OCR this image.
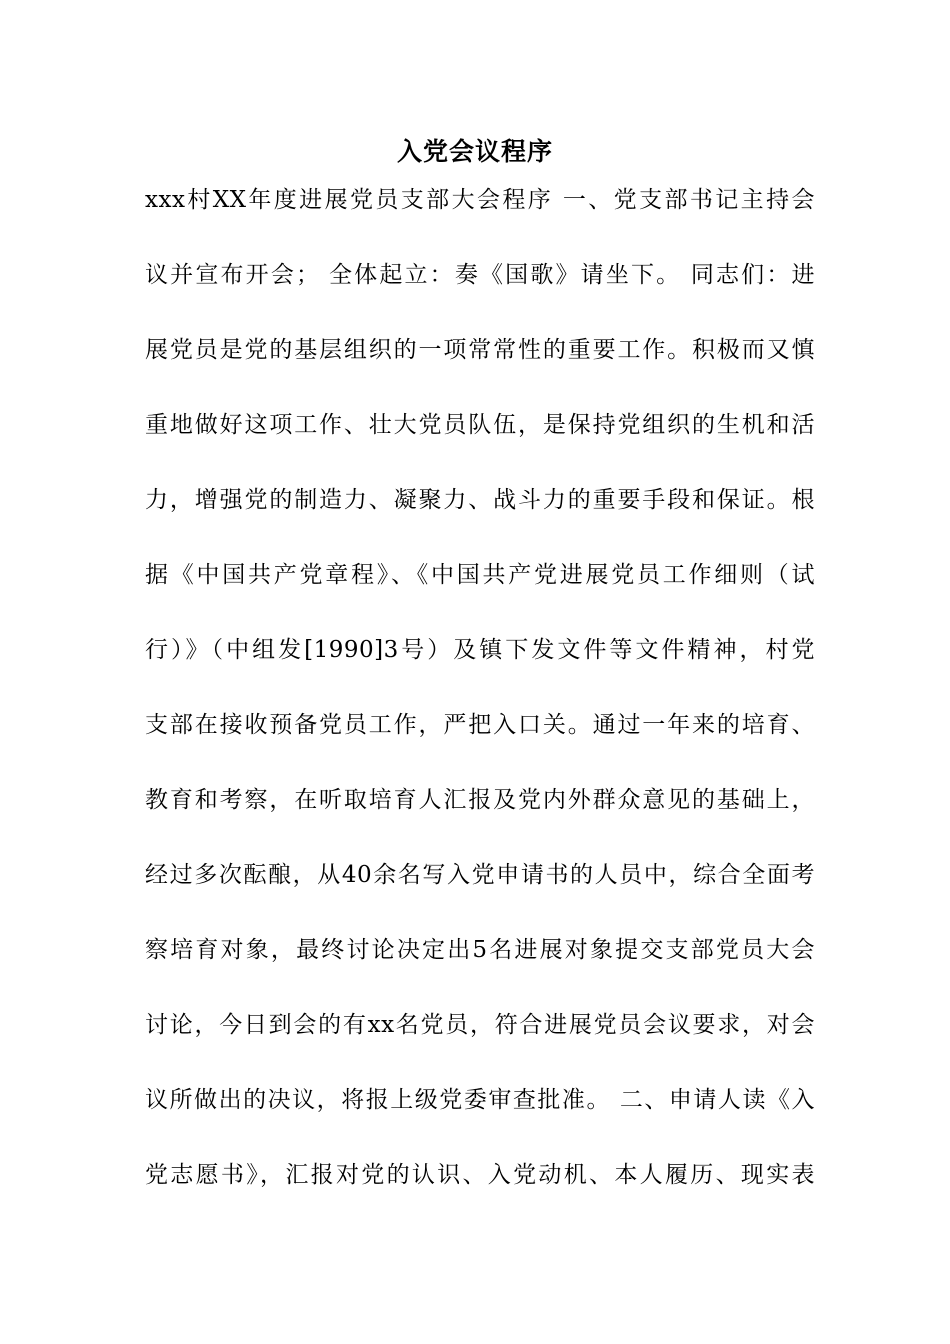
入党会议程序
xxx村XX年度进展党员支部大会程序 一、党支部书记主持会
议并宣布开会； 全体起立：奏《国歌》请坐下。 同志们：进
展党员是党的基层组织的一项常常性的重要工作。积极而又慎
重地做好这项工作、壮大党员队伍，是保持党组织的生机和活
力，增强党的制造力、凝聚力、战斗力的重要手段和保证。根
据《中国共产党章程》、《中国共产党进展党员工作细则（试
行）》（中组发[1990]3号）及镇下发文件等文件精神，村党
支部在接收预备党员工作，严把入口关。通过一年来的培育、
教育和考察，在听取培育人汇报及党内外群众意见的基础上，
经过多次酝酿，从40余名写入党申请书的人员中，综合全面考
察培育对象，最终讨论决定出5名进展对象提交支部党员大会
讨论，今日到会的有xx名党员，符合进展党员会议要求，对会
议所做出的决议，将报上级党委审查批准。 二、申请人读《入
党志愿书》，汇报对党的认识、入党动机、本人履历、现实表
